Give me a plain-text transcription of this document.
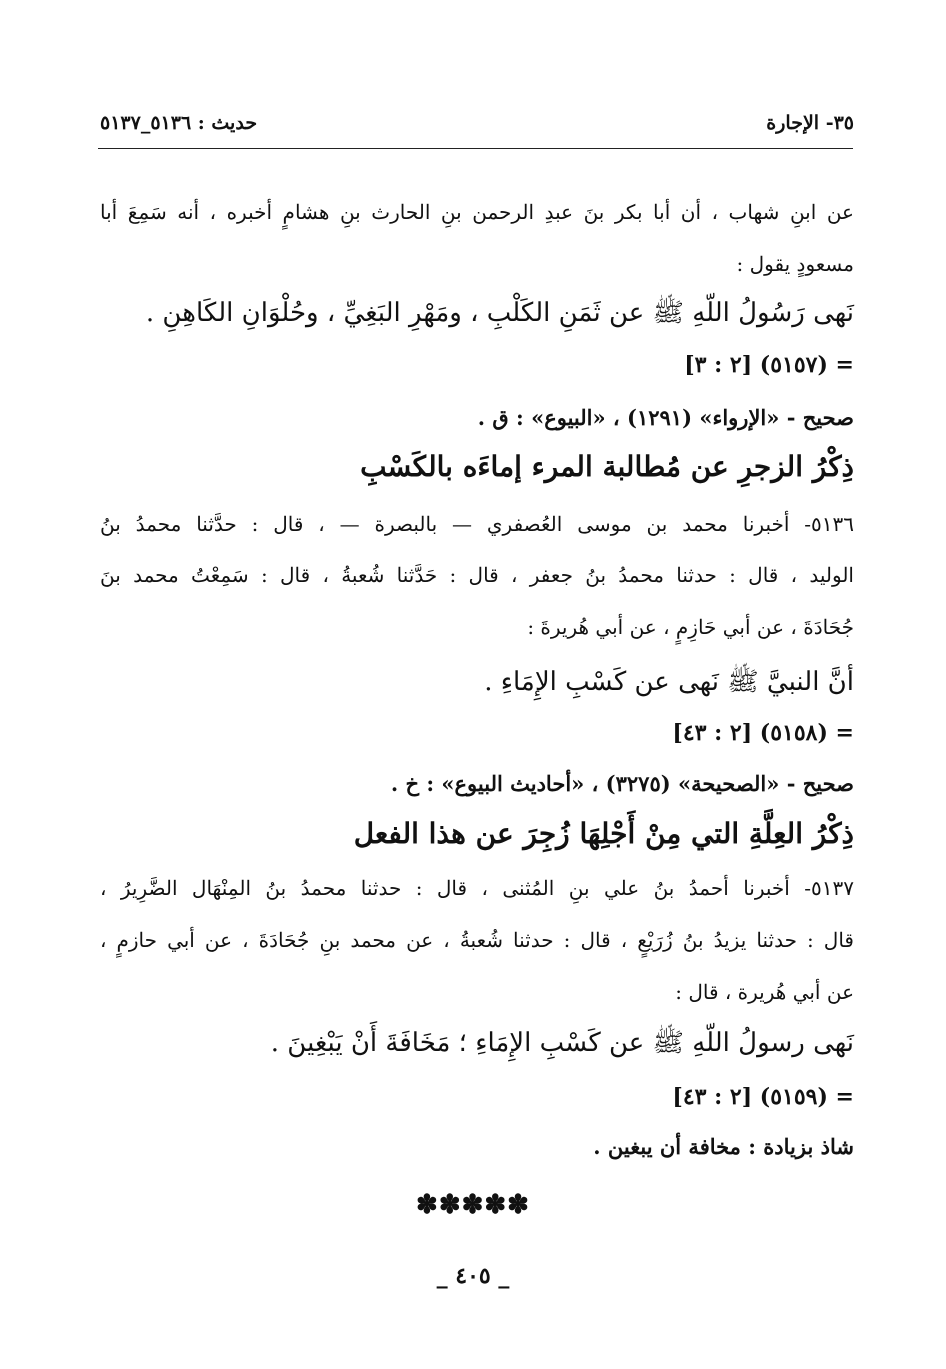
٣٥- الإجارة
حديث : ٥١٣٦_٥١٣٧
عن ابنِ شهاب ، أن أبا بكر بنَ عبدِ الرحمن بنِ الحارث بنِ هشامٍ أخبره ، أنه سَمِعَ أبا
مسعودٍ يقول :
نَهى رَسُولُ اللّهِ ﷺ عن ثَمَنِ الكَلْبِ ، ومَهْرِ البَغِيِّ ، وحُلْوَانِ الكَاهِنِ .
= (٥١٥٧) [٢ : ٣]
صحيح - «الإرواء» (١٢٩١) ، «البيوع» : ق .
ذِكْرُ الزجرِ عن مُطالبة المرء إماءَه بالكَسْبِ
٥١٣٦- أخبرنا محمد بن موسى العُصفري — بالبصرة — ، قال : حدَّثنا محمدُ بنُ
الوليد ، قال : حدثنا محمدُ بنُ جعفر ، قال : حَدَّثنا شُعبةُ ، قال : سَمِعْتُ محمد بنَ
جُحَادَةَ ، عن أبي حَازِمٍ ، عن أبي هُريرةَ :
أنَّ النبيَّ ﷺ نَهى عن كَسْبِ الإِمَاءِ .
= (٥١٥٨) [٢ : ٤٣]
صحيح - «الصحيحة» (٣٢٧٥) ، «أحاديث البيوع» : خ .
ذِكْرُ العِلَّةِ التي مِنْ أَجْلِهَا زُجِرَ عن هذا الفعل
٥١٣٧- أخبرنا أحمدُ بنُ علي بنِ المُثنى ، قال : حدثنا محمدُ بنُ المِنْهَال الضَّرِيرُ ،
قال : حدثنا يزيدُ بنُ زُرَيْعٍ ، قال : حدثنا شُعبةُ ، عن محمد بنِ جُحَادَةَ ، عن أبي حازمٍ ،
عن أبي هُريرة ، قال :
نَهى رسولُ اللّهِ ﷺ عن كَسْبِ الإِمَاءِ ؛ مَخَافَةَ أَنْ يَبْغِينَ .
= (٥١٥٩) [٢ : ٤٣]
شاذ بزيادة : مخافة أن يبغين .
✽✽✽✽✽
_ ٤٠٥ _
